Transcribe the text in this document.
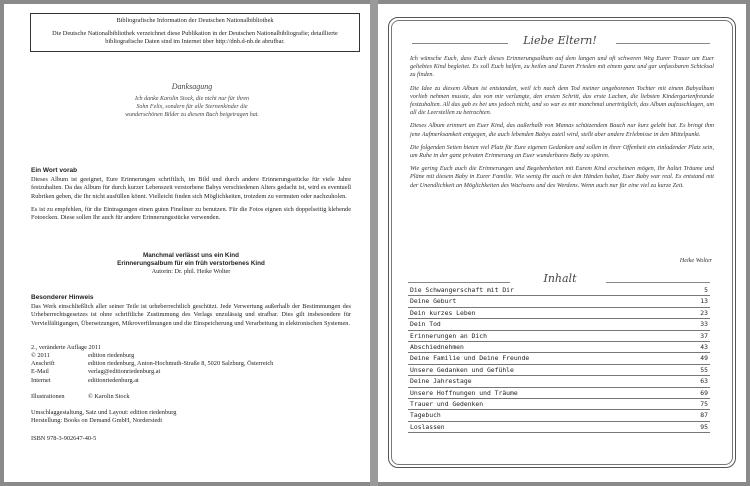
Bibliografische Information der Deutschen Nationalbibliothek
Die Deutsche Nationalbibliothek verzeichnet diese Publikation in der Deutschen Nationalbibliografie; detaillierte bibliografische Daten sind im Internet über http://dnb.d-nb.de abrufbar.
Danksagung
Ich danke Karolin Stock, die nicht nur für ihren
Sohn Felix, sondern für alle Sternenkinder die
wunderschönen Bilder zu diesem Buch beigetragen hat.
Ein Wort vorab

Dieses Album ist geeignet, Eure Erinnerungen schriftlich, im Bild und durch andere Erinnerungsstücke für viele Jahre festzuhalten. Da das Album für durch kurzer Lebenszeit verstorbene Babys verschiedenen Alters gedacht ist, wird es eventuell Rubriken geben, die Ihr nicht ausfüllen könnt. Vielleicht finden sich Möglichkeiten, trotzdem zu vermuten oder nachzuholen.

Es ist zu empfehlen, für die Eintragungen einen guten Fineliner zu benutzen. Für die Fotos eignen sich doppelseitig klebende Fotoecken. Diese sollen Ihr auch für andere Erinnerungsstücke verwenden.

Manchmal verlässt uns ein Kind
Erinnerungsalbum für ein früh verstorbenes Kind
Autorin: Dr. phil. Heike Wolter
Besonderer Hinweis

Das Werk einschließlich aller seiner Teile ist urheberrechtlich geschützt. Jede Verwertung außerhalb der Bestimmungen des Urheberrechtsgesetzes ist ohne schriftliche Zustimmung des Verlags unzulässig und strafbar. Dies gilt insbesondere für Vervielfältigungen, Übersetzungen, Mikroverfilmungen und die Einspeicherung und Verarbeitung in elektronischen Systemen.

2., veränderte Auflage 2011
© 2011	edition riedenburg
Anschrift	edition riedenburg, Anton-Hochmuth-Straße 8, 5020 Salzburg, Österreich
E-Mail	verlag@editionriedenburg.at
Internet	editionriedenburg.at
Illustrationen	© Karolin Stock
Umschlaggestaltung, Satz und Layout: edition riedenburg
Herstellung: Books on Demand GmbH, Norderstedt
ISBN 978-3-902647-40-5
Liebe Eltern!

Ich wünsche Euch, dass Euch dieses Erinnerungsalbum auf dem langen und oft schweren Weg Eurer Trauer um Euer geliebtes Kind begleitet. Es soll Euch helfen, zu heilen und Euren Frieden mit einem ganz und gar unfassbaren Schicksal zu finden.

Die Idee zu diesem Album ist entstanden, weil ich nach dem Tod meiner ungeborenen Tochter mit einem Babyalbum vorlieb nehmen musste, das von mir verlangte, den ersten Schritt, das erste Lachen, die liebsten Kindergartenfreunde festzuhalten. All das gab es bei uns jedoch nicht, und so war es mir manchmal unerträglich, das Album aufzuschlagen, um all die Leerstellen zu betrachten.

Dieses Album erinnert an Euer Kind, das außerhalb von Mamas schützendem Bauch nur kurz gelebt hat. Es bringt ihm jene Aufmerksamkeit entgegen, die auch lebenden Babys zuteil wird, stellt aber andere Erlebnisse in den Mittelpunkt.

Die folgenden Seiten bieten viel Platz für Eure eigenen Gedanken und sollen in ihrer Offenheit ein einladender Platz sein, um Ruhe in der ganz privaten Erinnerung an Euer wunderbares Baby zu spüren.

Wie gering Euch auch die Erinnerungen und Begebenheiten mit Eurem Kind erscheinen mögen, Ihr haltet Träume und Pläne mit diesem Baby in Eurer Familie. Wie wenig Ihr auch in den Händen haltet, Euer Baby war real. Es entstand mit der Unendlichkeit an Möglichkeiten des Wachsens und des Werdens. Wenn auch nur für eine viel zu kurze Zeit.

Heike Wolter
Inhalt
Die Schwangerschaft mit Dir	5
Deine Geburt	13
Dein kurzes Leben	23
Dein Tod	33
Erinnerungen an Dich	37
Abschiednehmen	43
Deine Familie und Deine Freunde	49
Unsere Gedanken und Gefühle	55
Deine Jahrestage	63
Unsere Hoffnungen und Träume	69
Trauer und Gedenken	75
Tagebuch	87
Loslassen	95
